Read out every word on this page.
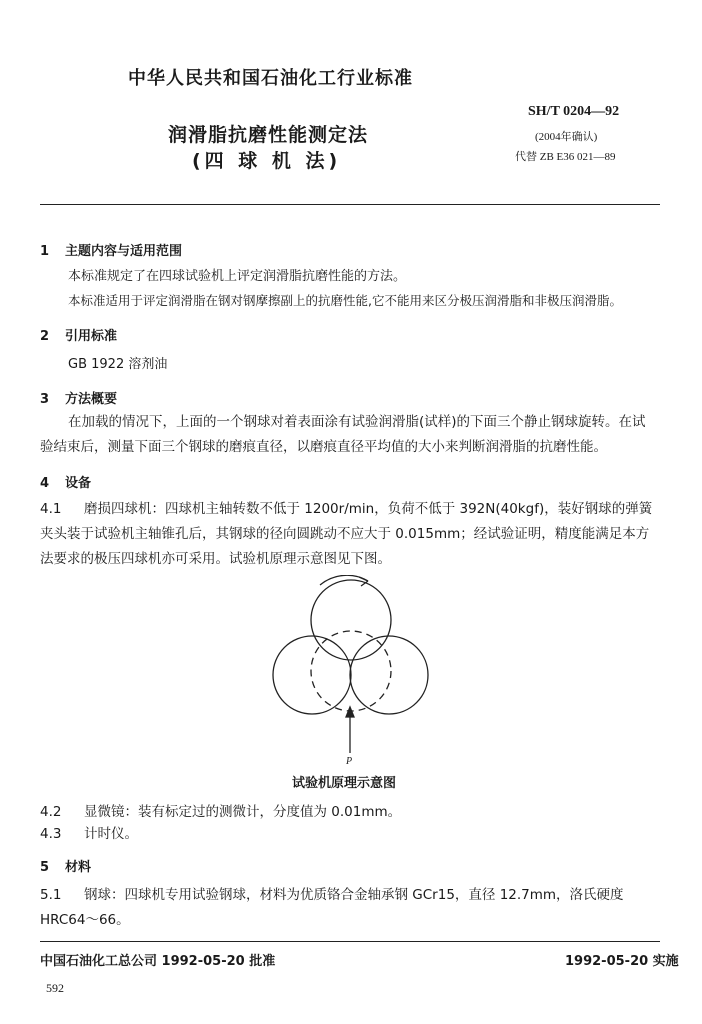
中华人民共和国石油化工行业标准
SH/T 0204—92
(2004年确认)
代替 ZB E36 021—89
润滑脂抗磨性能测定法
(四 球 机 法)
1 主题内容与适用范围
本标准规定了在四球试验机上评定润滑脂抗磨性能的方法。
本标准适用于评定润滑脂在钢对钢摩擦副上的抗磨性能,它不能用来区分极压润滑脂和非极压润滑脂。
2 引用标准
GB 1922 溶剂油
3 方法概要
在加载的情况下，上面的一个钢球对着表面涂有试验润滑脂(试样)的下面三个静止钢球旋转。在试验结束后，测量下面三个钢球的磨痕直径，以磨痕直径平均值的大小来判断润滑脂的抗磨性能。
4 设备
4.1 磨损四球机：四球机主轴转数不低于 1200r/min，负荷不低于 392N(40kgf)，装好钢球的弹簧夹头装于试验机主轴锥孔后，其钢球的径向圆跳动不应大于 0.015mm；经试验证明，精度能满足本方法要求的极压四球机亦可采用。试验机原理示意图见下图。
P
试验机原理示意图
4.2 显微镜：装有标定过的测微计，分度值为 0.01mm。
4.3 计时仪。
5 材料
5.1 钢球：四球机专用试验钢球，材料为优质铬合金轴承钢 GCr15，直径 12.7mm，洛氏硬度 HRC64～66。
中国石油化工总公司 1992-05-20 批准	1992-05-20 实施
592
